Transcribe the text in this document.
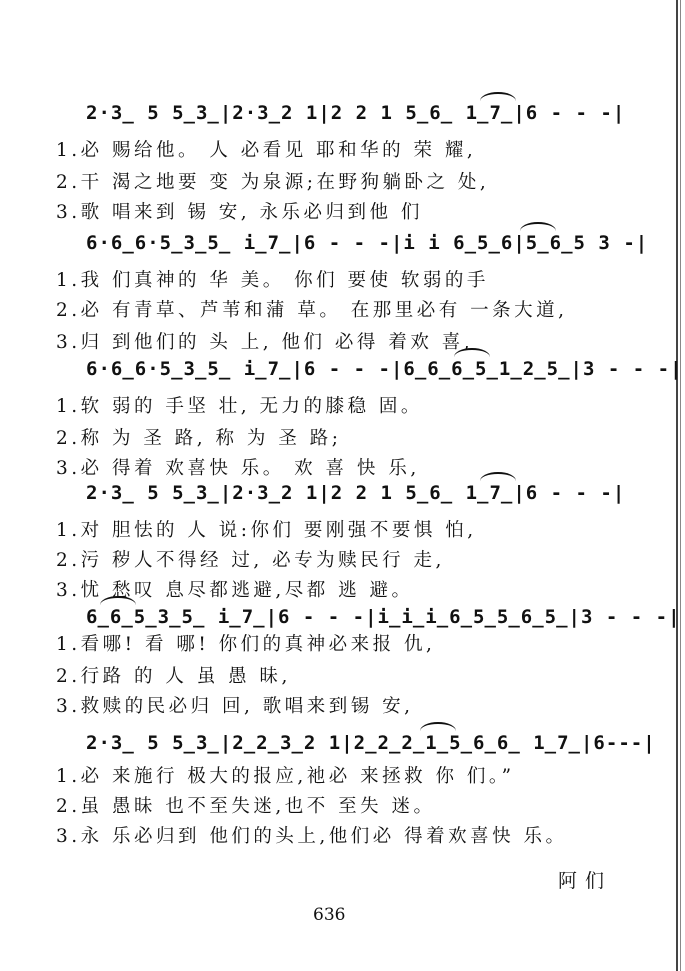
2·3̲ 5 5̲3̲|2·3̲2 1|2 2 1 5̲6̲ 1̲7̲|6 - - -|
1.必 赐给他。 人 必看见 耶和华的 荣 耀,
2.干 渴之地要 变 为泉源;在野狗躺卧之 处,
3.歌 唱来到 锡 安, 永乐必归到他 们
6·6̲6·5̲3̲5̲ i̲7̲|6 - - -|i i 6̲5̲6|5̲6̲5 3 -|
1.我 们真神的 华 美。 你们 要使 软弱的手
2.必 有青草、芦苇和蒲 草。 在那里必有 一条大道,
3.归 到他们的 头 上, 他们 必得 着欢 喜,
6·6̲6·5̲3̲5̲ i̲7̲|6 - - -|6̲6̲6̲5̲1̲2̲5̲|3 - - -|
1.软 弱的 手坚 壮, 无力的膝稳 固。
2.称 为 圣 路, 称 为 圣 路;
3.必 得着 欢喜快 乐。 欢 喜 快 乐,
2·3̲ 5 5̲3̲|2·3̲2 1|2 2 1 5̲6̲ 1̲7̲|6 - - -|
1.对 胆怯的 人 说:你们 要刚强不要惧 怕,
2.污 秽人不得经 过, 必专为赎民行 走,
3.忧 愁叹 息尽都逃避,尽都 逃 避。
6̲6̲5̲3̲5̲ i̲7̲|6 - - -|i̲i̲i̲6̲5̲5̲6̲5̲|3 - - -|
1.看哪! 看 哪! 你们的真神必来报 仇,
2.行路 的 人 虽 愚 昧,
3.救赎的民必归 回, 歌唱来到锡 安,
2·3̲ 5 5̲3̲|2̲2̲3̲2 1|2̲2̲2̲1̲5̲6̲6̲ 1̲7̲|6---|
1.必 来施行 极大的报应,祂必 来拯救 你 们。”
2.虽 愚昧 也不至失迷,也不 至失 迷。
3.永 乐必归到 他们的头上,他们必 得着欢喜快 乐。
阿们
636
